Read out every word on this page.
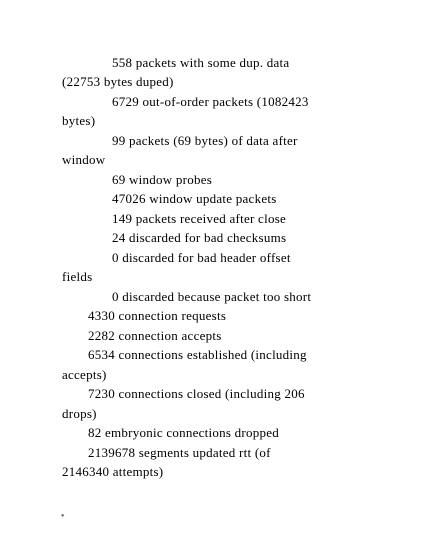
558 packets with some dup. data
(22753 bytes duped)
6729 out-of-order packets (1082423
bytes)
99 packets (69 bytes) of data after
window
69 window probes
47026 window update packets
149 packets received after close
24 discarded for bad checksums
0 discarded for bad header offset
fields
0 discarded because packet too short
4330 connection requests
2282 connection accepts
6534 connections established (including
accepts)
7230 connections closed (including 206
drops)
82 embryonic connections dropped
2139678 segments updated rtt (of
2146340 attempts)
*
